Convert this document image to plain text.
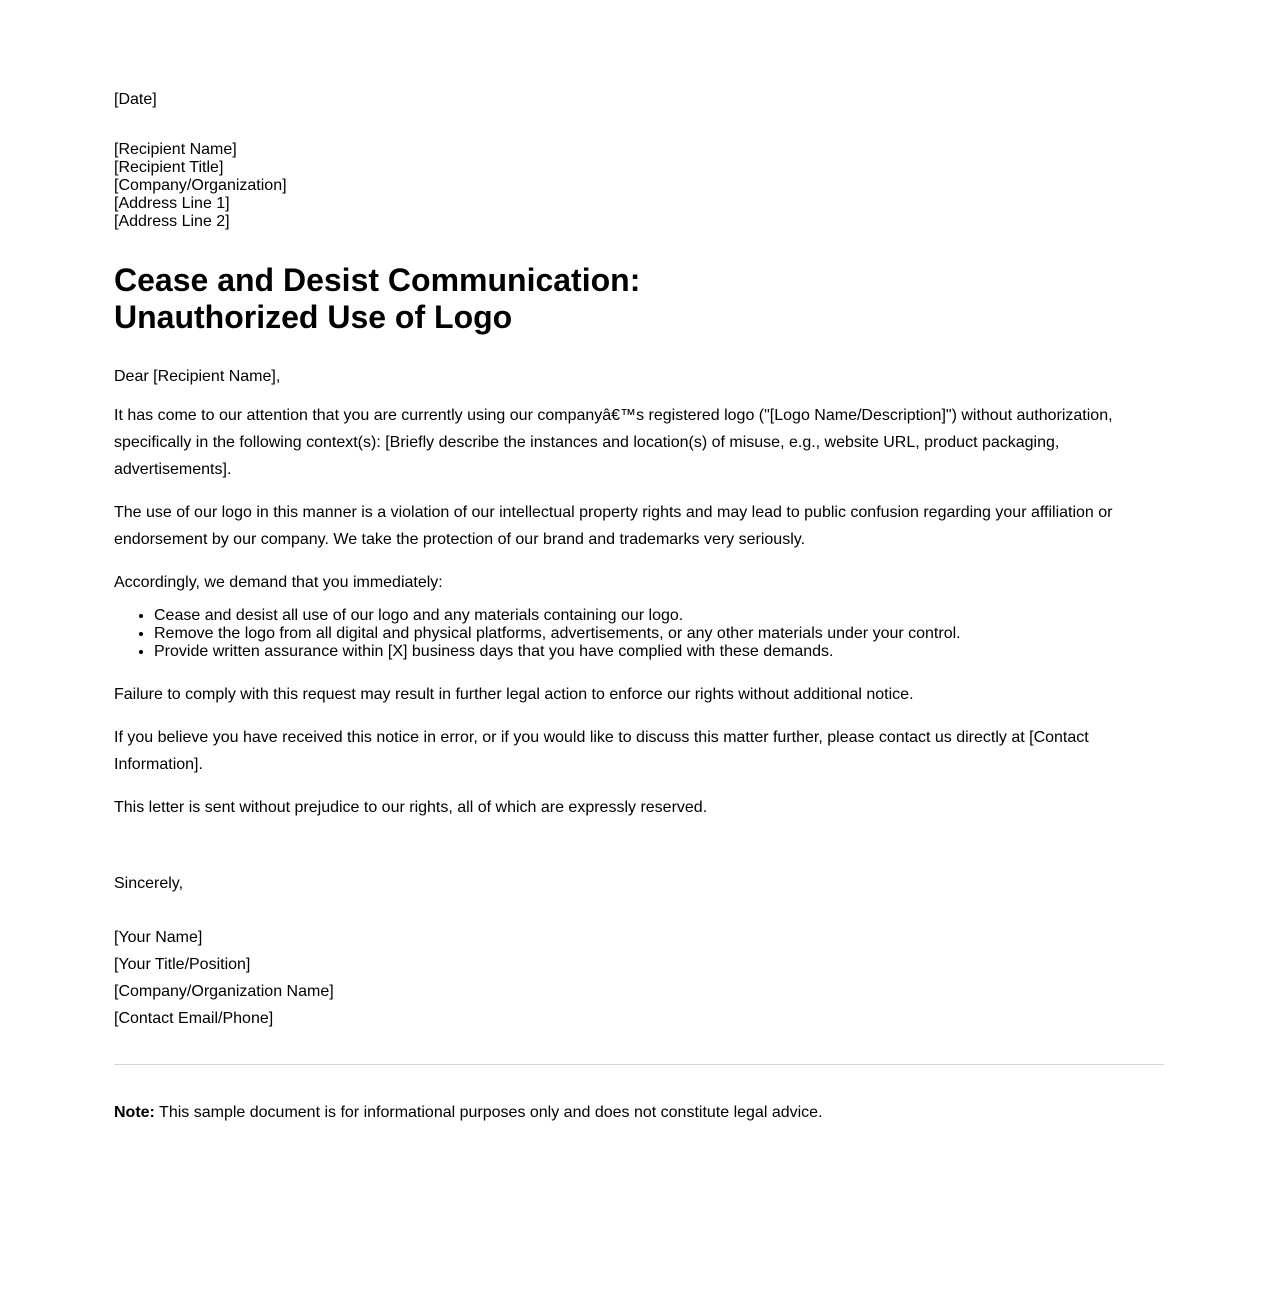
[Date]
[Recipient Name]
[Recipient Title]
[Company/Organization]
[Address Line 1]
[Address Line 2]
Cease and Desist Communication:
Unauthorized Use of Logo

Dear [Recipient Name],

It has come to our attention that you are currently using our companyâ€™s registered logo ("[Logo Name/Description]") without authorization, specifically in the following context(s): [Briefly describe the instances and location(s) of misuse, e.g., website URL, product packaging, advertisements].

The use of our logo in this manner is a violation of our intellectual property rights and may lead to public confusion regarding your affiliation or endorsement by our company. We take the protection of our brand and trademarks very seriously.

Accordingly, we demand that you immediately:

• Cease and desist all use of our logo and any materials containing our logo.
• Remove the logo from all digital and physical platforms, advertisements, or any other materials under your control.
• Provide written assurance within [X] business days that you have complied with these demands.

Failure to comply with this request may result in further legal action to enforce our rights without additional notice.

If you believe you have received this notice in error, or if you would like to discuss this matter further, please contact us directly at [Contact Information].

This letter is sent without prejudice to our rights, all of which are expressly reserved.

Sincerely,

[Your Name]
[Your Title/Position]
[Company/Organization Name]
[Contact Email/Phone]

Note: This sample document is for informational purposes only and does not constitute legal advice.
